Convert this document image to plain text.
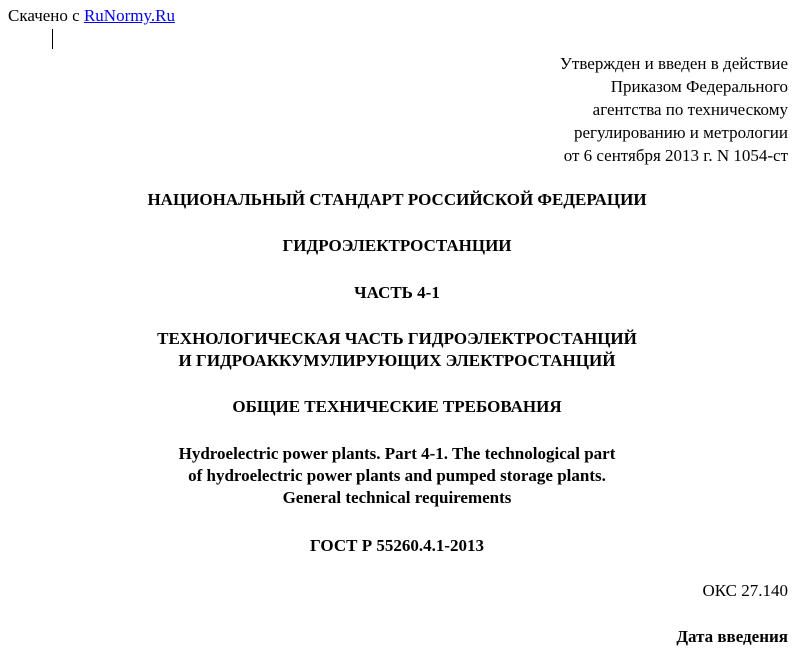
Скачено с RuNormy.Ru
Утвержден и введен в действие
Приказом Федерального
агентства по техническому
регулированию и метрологии
от 6 сентября 2013 г. N 1054-ст
НАЦИОНАЛЬНЫЙ СТАНДАРТ РОССИЙСКОЙ ФЕДЕРАЦИИ
ГИДРОЭЛЕКТРОСТАНЦИИ
ЧАСТЬ 4-1
ТЕХНОЛОГИЧЕСКАЯ ЧАСТЬ ГИДРОЭЛЕКТРОСТАНЦИЙ
И ГИДРОАККУМУЛИРУЮЩИХ ЭЛЕКТРОСТАНЦИЙ
ОБЩИЕ ТЕХНИЧЕСКИЕ ТРЕБОВАНИЯ
Hydroelectric power plants. Part 4-1. The technological part
of hydroelectric power plants and pumped storage plants.
General technical requirements
ГОСТ Р 55260.4.1-2013
ОКС 27.140
Дата введения
